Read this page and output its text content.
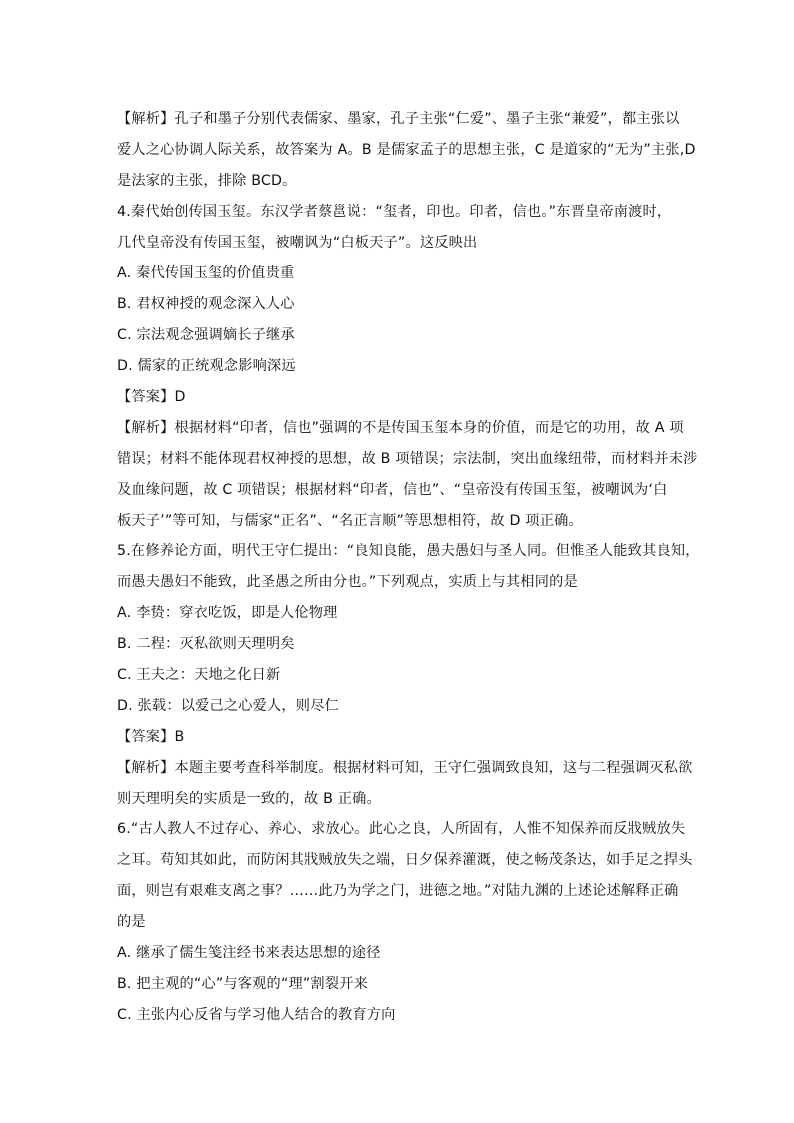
【解析】孔子和墨子分别代表儒家、墨家，孔子主张“仁爱”、墨子主张“兼爱”，都主张以
爱人之心协调人际关系，故答案为 A。B 是儒家孟子的思想主张，C 是道家的“无为”主张,D
是法家的主张，排除 BCD。
4.秦代始创传国玉玺。东汉学者蔡邕说：“玺者，印也。印者，信也。”东晋皇帝南渡时，
几代皇帝没有传国玉玺，被嘲讽为“白板天子”。这反映出
A. 秦代传国玉玺的价值贵重
B. 君权神授的观念深入人心
C. 宗法观念强调嫡长子继承
D. 儒家的正统观念影响深远
【答案】D
【解析】根据材料“印者，信也”强调的不是传国玉玺本身的价值，而是它的功用，故 A 项
错误；材料不能体现君权神授的思想，故 B 项错误；宗法制，突出血缘纽带，而材料并未涉
及血缘问题，故 C 项错误；根据材料“印者，信也”、“皇帝没有传国玉玺，被嘲讽为‘白
板天子’”等可知，与儒家“正名”、“名正言顺”等思想相符，故 D 项正确。
5.在修养论方面，明代王守仁提出：“良知良能，愚夫愚妇与圣人同。但惟圣人能致其良知，
而愚夫愚妇不能致，此圣愚之所由分也。”下列观点，实质上与其相同的是
A. 李贽：穿衣吃饭，即是人伦物理
B. 二程：灭私欲则天理明矣
C. 王夫之：天地之化日新
D. 张载：以爱己之心爱人，则尽仁
【答案】B
【解析】本题主要考查科举制度。根据材料可知，王守仁强调致良知，这与二程强调灭私欲
则天理明矣的实质是一致的，故 B 正确。
6.“古人教人不过存心、养心、求放心。此心之良，人所固有，人惟不知保养而反戕贼放失
之耳。苟知其如此，而防闲其戕贼放失之端，日夕保养灌溉，使之畅茂条达，如手足之捍头
面，则岂有艰难支离之事？……此乃为学之门，进德之地。”对陆九渊的上述论述解释正确
的是
A. 继承了儒生笺注经书来表达思想的途径
B. 把主观的“心”与客观的“理”割裂开来
C. 主张内心反省与学习他人结合的教育方向
